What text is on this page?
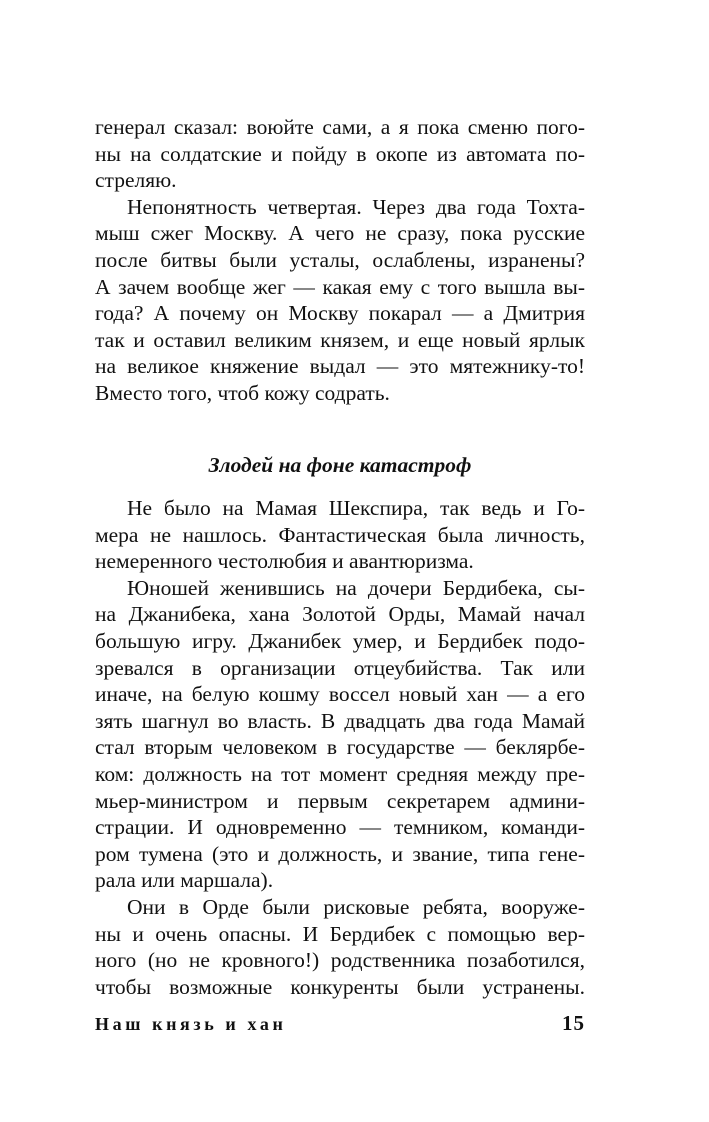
генерал сказал: воюйте сами, а я пока сменю пого-
ны на солдатские и пойду в окопе из автомата по-
стреляю.
Непонятность четвертая. Через два года Тохта-
мыш сжег Москву. А чего не сразу, пока русские
после битвы были усталы, ослаблены, изранены?
А зачем вообще жег — какая ему с того вышла вы-
года? А почему он Москву покарал — а Дмитрия
так и оставил великим князем, и еще новый ярлык
на великое княжение выдал — это мятежнику-то!
Вместо того, чтоб кожу содрать.
Злодей на фоне катастроф
Не было на Мамая Шекспира, так ведь и Го-
мера не нашлось. Фантастическая была личность,
немеренного честолюбия и авантюризма.
Юношей женившись на дочери Бердибека, сы-
на Джанибека, хана Золотой Орды, Мамай начал
большую игру. Джанибек умер, и Бердибек подо-
зревался в организации отцеубийства. Так или
иначе, на белую кошму воссел новый хан — а его
зять шагнул во власть. В двадцать два года Мамай
стал вторым человеком в государстве — беклярбе-
ком: должность на тот момент средняя между пре-
мьер-министром и первым секретарем админи-
страции. И одновременно — темником, команди-
ром тумена (это и должность, и звание, типа гене-
рала или маршала).
Они в Орде были рисковые ребята, вооруже-
ны и очень опасны. И Бердибек с помощью вер-
ного (но не кровного!) родственника позаботился,
чтобы возможные конкуренты были устранены.
Наш князь и хан	15
